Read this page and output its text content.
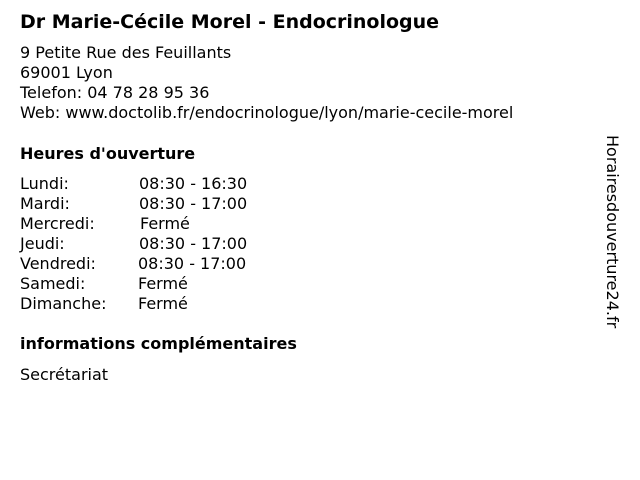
Dr Marie-Cécile Morel - Endocrinologue
9 Petite Rue des Feuillants
69001 Lyon
Telefon: 04 78 28 95 36
Web: www.doctolib.fr/endocrinologue/lyon/marie-cecile-morel
Heures d'ouverture
Lundi:	08:30 - 16:30
Mardi:	08:30 - 17:00
Mercredi:	Fermé
Jeudi:	08:30 - 17:00
Vendredi:	08:30 - 17:00
Samedi:	Fermé
Dimanche: Fermé
informations complémentaires
Secrétariat
Horairesdouverture24.fr
